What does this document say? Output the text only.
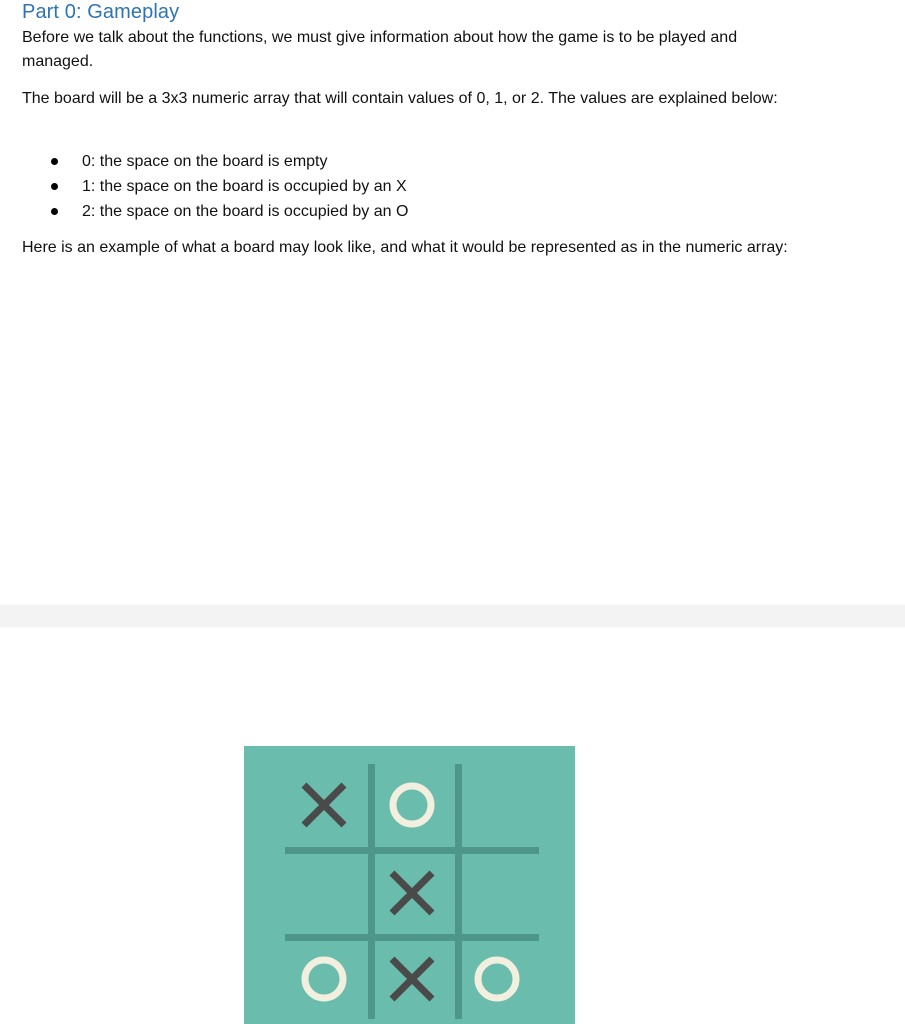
Part 0: Gameplay

Before we talk about the functions, we must give information about how the game is to be played and managed.

The board will be a 3x3 numeric array that will contain values of 0, 1, or 2. The values are explained below:

0: the space on the board is empty
1: the space on the board is occupied by an X
2: the space on the board is occupied by an O

Here is an example of what a board may look like, and what it would be represented as in the numeric array:
